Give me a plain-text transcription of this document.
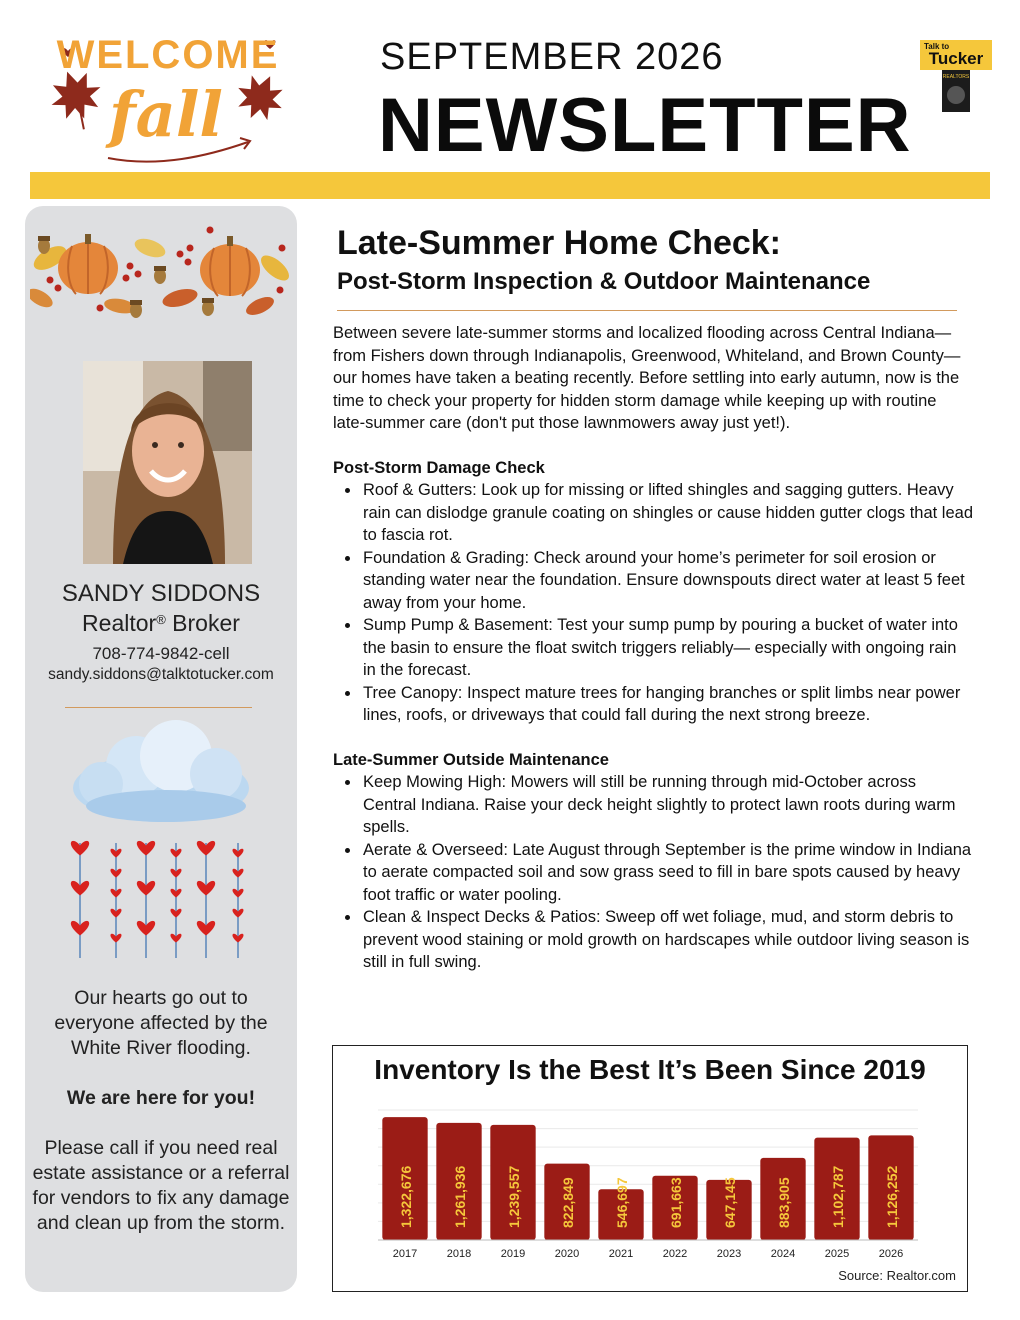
WELCOME
fall
SEPTEMBER 2026
NEWSLETTER
Talk to
Tucker
REALTORS
SANDY SIDDONS
Realtor® Broker
708-774-9842-cell
sandy.siddons@talktotucker.com
Our hearts go out to everyone affected by the White River flooding.
We are here for you!
Please call if you need real estate assistance or a referral for vendors to fix any damage and clean up from the storm.
Late-Summer Home Check:
Post-Storm Inspection & Outdoor Maintenance

Between severe late-summer storms and localized flooding across Central Indiana—from Fishers down through Indianapolis, Greenwood, Whiteland, and Brown County—our homes have taken a beating recently. Before settling into early autumn, now is the time to check your property for hidden storm damage while keeping up with routine late-summer care (don't put those lawnmowers away just yet!).

Post-Storm Damage Check
Roof & Gutters: Look up for missing or lifted shingles and sagging gutters. Heavy rain can dislodge granule coating on shingles or cause hidden gutter clogs that lead to fascia rot.
Foundation & Grading: Check around your home’s perimeter for soil erosion or standing water near the foundation. Ensure downspouts direct water at least 5 feet away from your home.
Sump Pump & Basement: Test your sump pump by pouring a bucket of water into the basin to ensure the float switch triggers reliably— especially with ongoing rain in the forecast.
Tree Canopy: Inspect mature trees for hanging branches or split limbs near power lines, roofs, or driveways that could fall during the next strong breeze.
Late-Summer Outside Maintenance
Keep Mowing High: Mowers will still be running through mid-October across Central Indiana. Raise your deck height slightly to protect lawn roots during warm spells.
Aerate & Overseed: Late August through September is the prime window in Indiana to aerate compacted soil and sow grass seed to fill in bare spots caused by heavy foot traffic or water pooling.
Clean & Inspect Decks & Patios: Sweep off wet foliage, mud, and storm debris to prevent wood staining or mold growth on hardscapes while outdoor living season is still in full swing.
Inventory Is the Best It’s Been Since 2019
1,322,676
2017
1,261,936
2018
1,239,557
2019
822,849
2020
546,697
2021
691,663
2022
647,145
2023
883,905
2024
1,102,787
2025
1,126,252
2026
Source: Realtor.com
